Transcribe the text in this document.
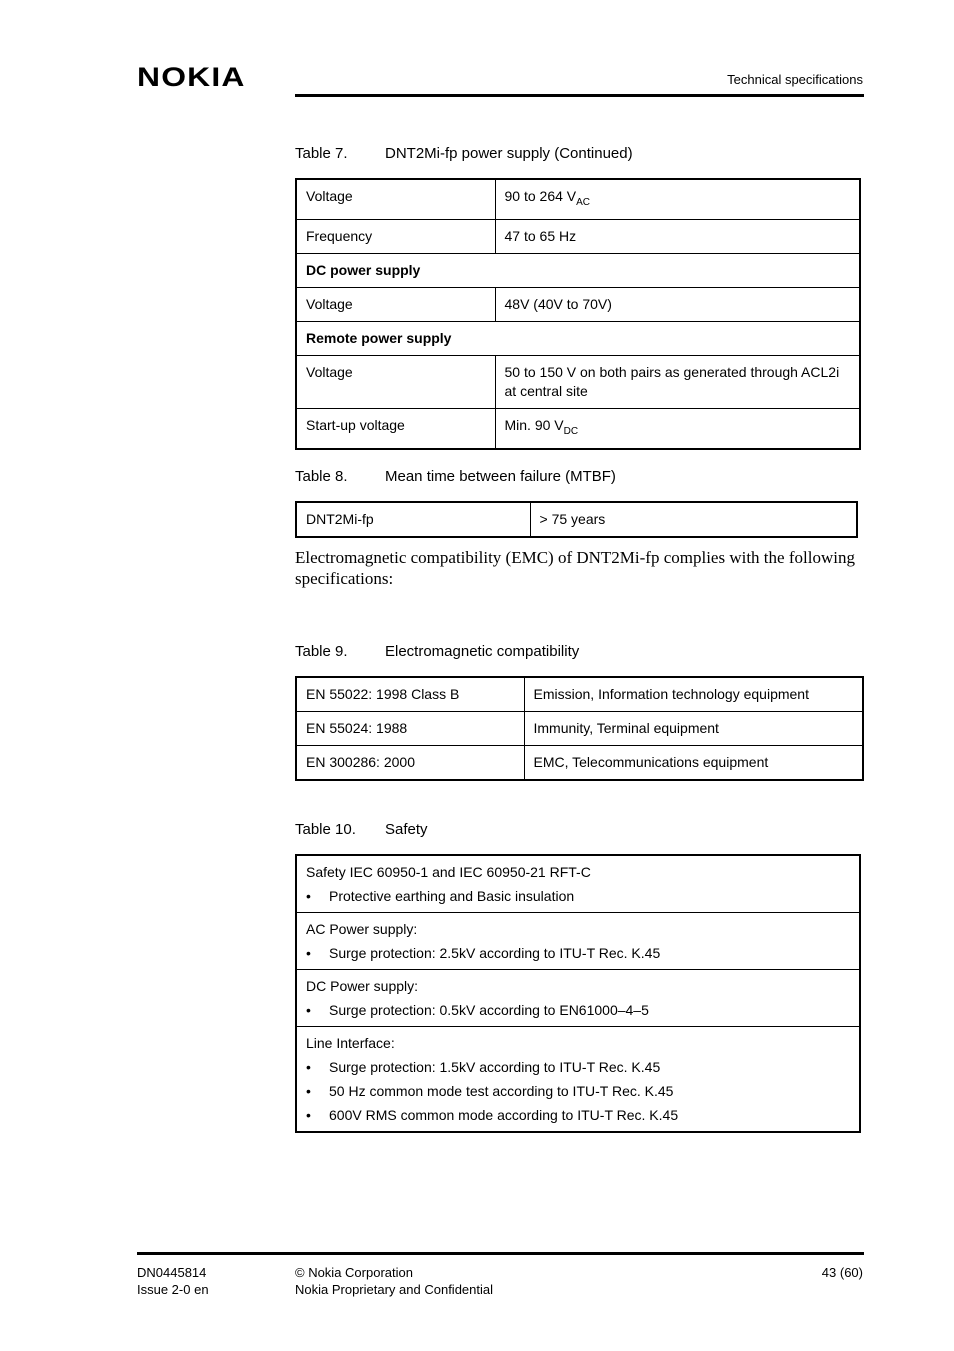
NOKIA	Technical specifications
Table 7. DNT2Mi-fp power supply (Continued)
Voltage	90 to 264 $V_{AC}$
Frequency	47 to 65 Hz
DC power supply	
Voltage	48V (40V to 70V)
Remote power supply	
Voltage	50 to 150 V on both pairs as generated through ACL2i at central site
Start-up voltage	Min. 90 $V_{DC}$
Table 8. Mean time between failure (MTBF)
DNT2Mi-fp	> 75 years
Electromagnetic compatibility (EMC) of DNT2Mi-fp complies with the following specifications:
Table 9. Electromagnetic compatibility
EN 55022: 1998 Class B	Emission, Information technology equipment
EN 55024: 1988	Immunity, Terminal equipment
EN 300286: 2000	EMC, Telecommunications equipment
Table 10. Safety
Safety IEC 60950-1 and IEC 60950-21 RFT-C
• Protective earthing and Basic insulation

AC Power supply:
• Surge protection: 2.5kV according to ITU-T Rec. K.45

DC Power supply:
• Surge protection: 0.5kV according to EN61000–4–5

Line Interface:
• Surge protection: 1.5kV according to ITU-T Rec. K.45
• 50 Hz common mode test according to ITU-T Rec. K.45
• 600V RMS common mode according to ITU-T Rec. K.45
DN0445814
Issue 2-0 en
© Nokia Corporation
Nokia Proprietary and Confidential
43 (60)
